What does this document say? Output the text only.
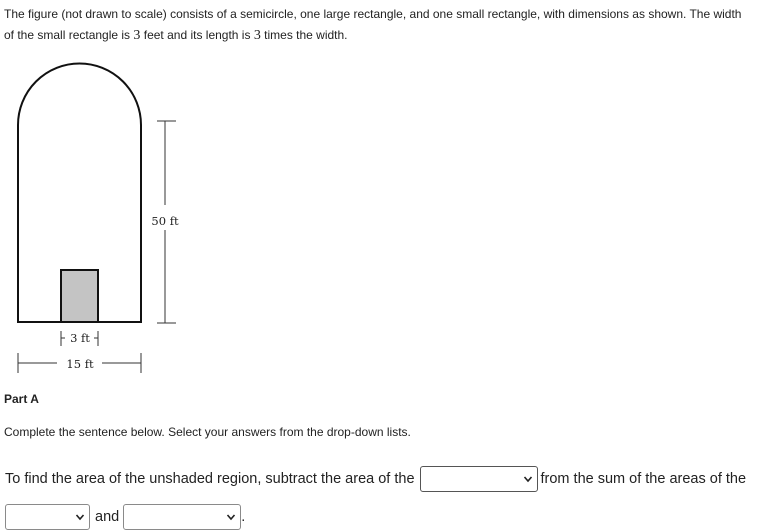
The figure (not drawn to scale) consists of a semicircle, one large rectangle, and one small rectangle, with dimensions as shown. The width
of the small rectangle is 3 feet and its length is 3 times the width.
50 ft
3 ft
15 ft
Part A
Complete the sentence below. Select your answers from the drop-down lists.
To find the area of the unshaded region, subtract the area of the	from the sum of the areas of the
and	.
